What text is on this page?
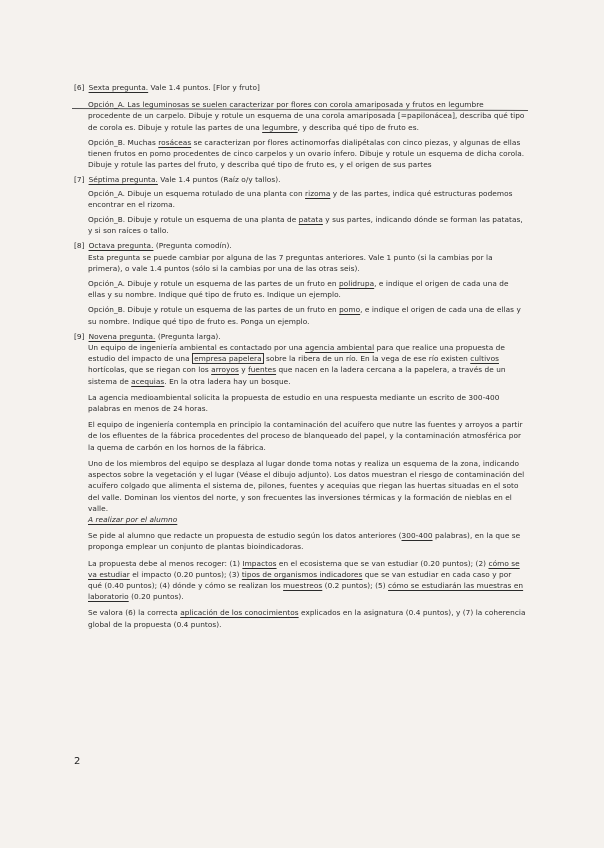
[6] Sexta pregunta. Vale 1.4 puntos. [Flor y fruto]
Opción_A. Las leguminosas se suelen caracterizar por flores con corola amariposada y frutos en legumbre procedente de un carpelo. Dibuje y rotule un esquema de una corola amariposada [=papilonácea], describa qué tipo de corola es. Dibuje y rotule las partes de una legumbre, y describa qué tipo de fruto es.
Opción_B. Muchas rosáceas se caracterizan por flores actinomorfas dialipétalas con cinco piezas, y algunas de ellas tienen frutos en pomo procedentes de cinco carpelos y un ovario ínfero. Dibuje y rotule un esquema de dicha corola. Dibuje y rotule las partes del fruto, y describa qué tipo de fruto es, y el origen de sus partes
[7] Séptima pregunta. Vale 1.4 puntos (Raíz o/y tallos).
Opción_A. Dibuje un esquema rotulado de una planta con rizoma y de las partes, indica qué estructuras podemos encontrar en el rizoma.
Opción_B. Dibuje y rotule un esquema de una planta de patata y sus partes, indicando dónde se forman las patatas, y si son raíces o tallo.
[8] Octava pregunta. (Pregunta comodín).
Esta pregunta se puede cambiar por alguna de las 7 preguntas anteriores. Vale 1 punto (si la cambias por la primera), o vale 1.4 puntos (sólo si la cambias por una de las otras seis).
Opción_A. Dibuje y rotule un esquema de las partes de un fruto en polidrupa, e indique el origen de cada una de ellas y su nombre. Indique qué tipo de fruto es. Indique un ejemplo.
Opción_B. Dibuje y rotule un esquema de las partes de un fruto en pomo, e indique el origen de cada una de ellas y su nombre. Indique qué tipo de fruto es. Ponga un ejemplo.
[9] Novena pregunta. (Pregunta larga).
Un equipo de ingeniería ambiental es contactado por una agencia ambiental para que realice una propuesta de estudio del impacto de una empresa papelera sobre la ribera de un río. En la vega de ese río existen cultivos hortícolas, que se riegan con los arroyos y fuentes que nacen en la ladera cercana a la papelera, a través de un sistema de acequias. En la otra ladera hay un bosque.
La agencia medioambiental solicita la propuesta de estudio en una respuesta mediante un escrito de 300-400 palabras en menos de 24 horas.
El equipo de ingeniería contempla en principio la contaminación del acuífero que nutre las fuentes y arroyos a partir de los efluentes de la fábrica procedentes del proceso de blanqueado del papel, y la contaminación atmosférica por la quema de carbón en los hornos de la fábrica.
Uno de los miembros del equipo se desplaza al lugar donde toma notas y realiza un esquema de la zona, indicando aspectos sobre la vegetación y el lugar (Véase el dibujo adjunto). Los datos muestran el riesgo de contaminación del acuífero colgado que alimenta el sistema de, pilones, fuentes y acequias que riegan las huertas situadas en el soto del valle. Dominan los vientos del norte, y son frecuentes las inversiones térmicas y la formación de nieblas en el valle.
A realizar por el alumno
Se pide al alumno que redacte un propuesta de estudio según los datos anteriores (300-400 palabras), en la que se proponga emplear un conjunto de plantas bioindicadoras.
La propuesta debe al menos recoger: (1) Impactos en el ecosistema que se van estudiar (0.20 puntos); (2) cómo se va estudiar el impacto (0.20 puntos); (3) tipos de organismos indicadores que se van estudiar en cada caso y por qué (0.40 puntos); (4) dónde y cómo se realizan los muestreos (0.2 puntos); (5) cómo se estudiarán las muestras en laboratorio (0.20 puntos).
Se valora (6) la correcta aplicación de los conocimientos explicados en la asignatura (0.4 puntos), y (7) la coherencia global de la propuesta (0.4 puntos).
2
